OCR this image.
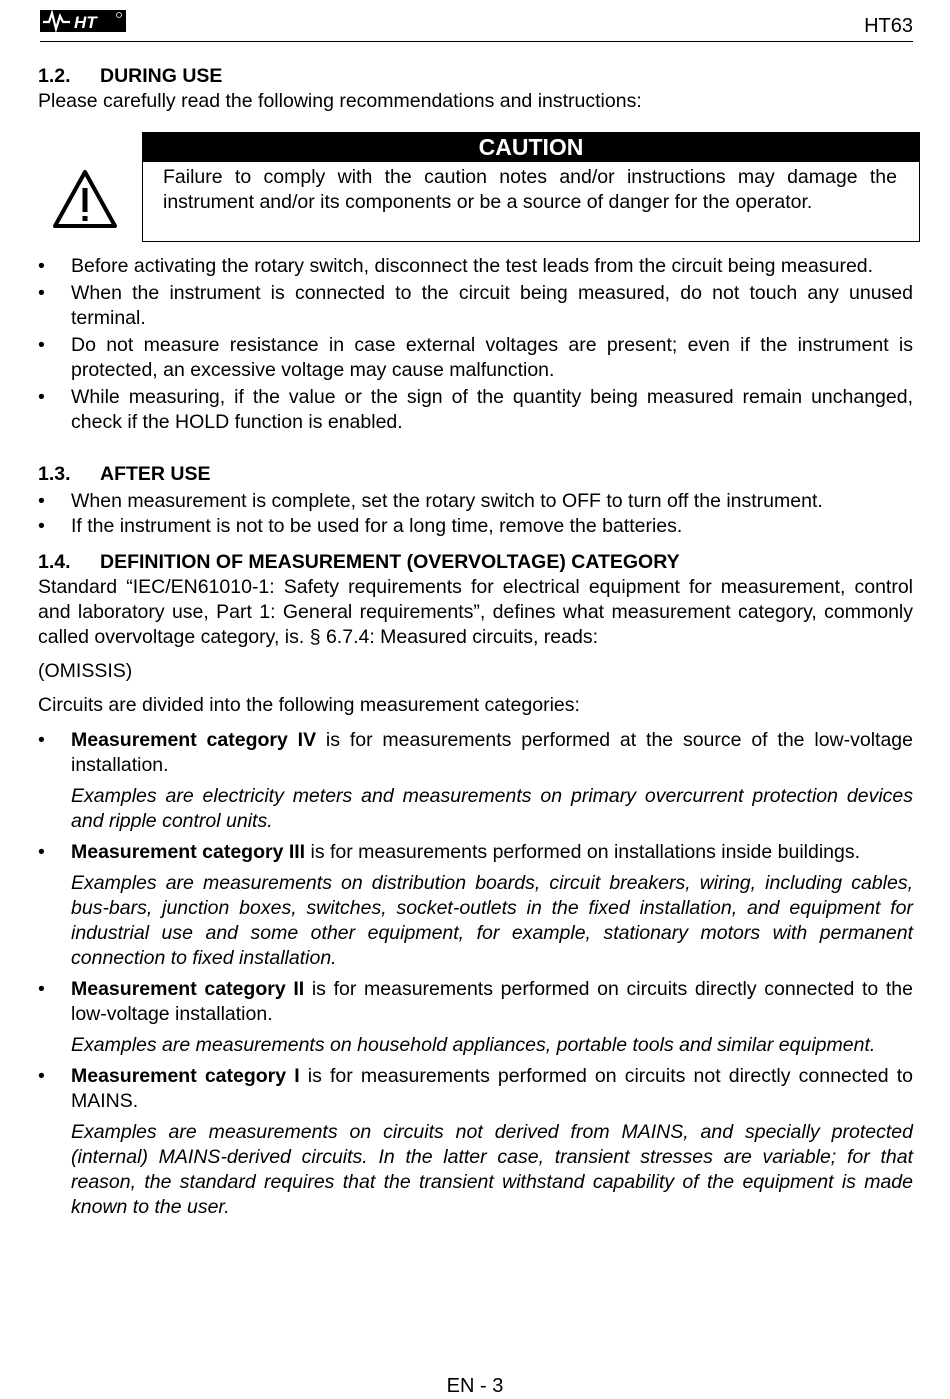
HT	HT63
1.2.	DURING USE

Please carefully read the following recommendations and instructions:

CAUTION

Failure to comply with the caution notes and/or instructions may damage the instrument and/or its components or be a source of danger for the operator.

• Before activating the rotary switch, disconnect the test leads from the circuit being measured.
• When the instrument is connected to the circuit being measured, do not touch any unused terminal.
• Do not measure resistance in case external voltages are present; even if the instrument is protected, an excessive voltage may cause malfunction.
• While measuring, if the value or the sign of the quantity being measured remain unchanged, check if the HOLD function is enabled.
1.3.	AFTER USE
• When measurement is complete, set the rotary switch to OFF to turn off the instrument.
• If the instrument is not to be used for a long time, remove the batteries.
1.4.	DEFINITION OF MEASUREMENT (OVERVOLTAGE) CATEGORY

Standard “IEC/EN61010-1: Safety requirements for electrical equipment for measurement, control and laboratory use, Part 1: General requirements”, defines what measurement category, commonly called overvoltage category, is. § 6.7.4: Measured circuits, reads:

(OMISSIS)

Circuits are divided into the following measurement categories:

• Measurement category IV is for measurements performed at the source of the low-voltage installation.

Examples are electricity meters and measurements on primary overcurrent protection devices and ripple control units.

• Measurement category III is for measurements performed on installations inside buildings.

Examples are measurements on distribution boards, circuit breakers, wiring, including cables, bus-bars, junction boxes, switches, socket-outlets in the fixed installation, and equipment for industrial use and some other equipment, for example, stationary motors with permanent connection to fixed installation.

• Measurement category II is for measurements performed on circuits directly connected to the low-voltage installation.

Examples are measurements on household appliances, portable tools and similar equipment.

• Measurement category I is for measurements performed on circuits not directly connected to MAINS.

Examples are measurements on circuits not derived from MAINS, and specially protected (internal) MAINS-derived circuits. In the latter case, transient stresses are variable; for that reason, the standard requires that the transient withstand capability of the equipment is made known to the user.

EN - 3
